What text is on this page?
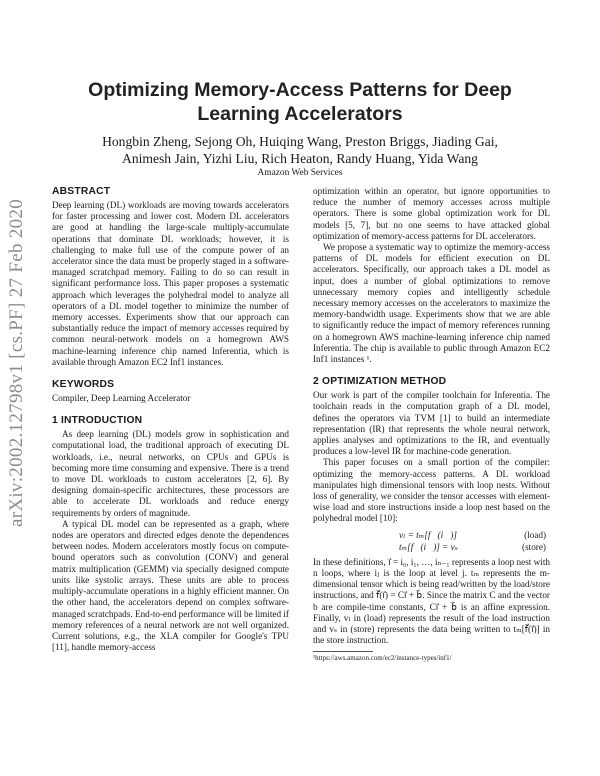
arXiv:2002.12798v1 [cs.PF] 27 Feb 2020
Optimizing Memory-Access Patterns for Deep Learning Accelerators
Hongbin Zheng, Sejong Oh, Huiqing Wang, Preston Briggs, Jiading Gai,
Animesh Jain, Yizhi Liu, Rich Heaton, Randy Huang, Yida Wang
Amazon Web Services
ABSTRACT

Deep learning (DL) workloads are moving towards accelerators for faster processing and lower cost. Modern DL accelerators are good at handling the large-scale multiply-accumulate operations that dominate DL workloads; however, it is challenging to make full use of the compute power of an accelerator since the data must be properly staged in a software-managed scratchpad memory. Failing to do so can result in significant performance loss. This paper proposes a systematic approach which leverages the polyhedral model to analyze all operators of a DL model together to minimize the number of memory accesses. Experiments show that our approach can substantially reduce the impact of memory accesses required by common neural-network models on a homegrown AWS machine-learning inference chip named Inferentia, which is available through Amazon EC2 Inf1 instances.

KEYWORDS

Compiler, Deep Learning Accelerator

1 INTRODUCTION

As deep learning (DL) models grow in sophistication and computational load, the traditional approach of executing DL workloads, i.e., neural networks, on CPUs and GPUs is becoming more time consuming and expensive. There is a trend to move DL workloads to custom accelerators [2, 6]. By designing domain-specific architectures, these processors are able to accelerate DL workloads and reduce energy requirements by orders of magnitude.

A typical DL model can be represented as a graph, where nodes are operators and directed edges denote the dependences between nodes. Modern accelerators mostly focus on compute-bound operators such as convolution (CONV) and general matrix multiplication (GEMM) via specially designed compute units like systolic arrays. These units are able to process multiply-accumulate operations in a highly efficient manner. On the other hand, the accelerators depend on complex software-managed scratchpads. End-to-end performance will be limited if memory references of a neural network are not well organized. Current solutions, e.g., the XLA compiler for Google's TPU [11], handle memory-access

optimization within an operator, but ignore opportunities to reduce the number of memory accesses across multiple operators. There is some global optimization work for DL models [5, 7], but no one seems to have attacked global optimization of memory-access patterns for DL accelerators.

We propose a systematic way to optimize the memory-access patterns of DL models for efficient execution on DL accelerators. Specifically, our approach takes a DL model as input, does a number of global optimizations to remove unnecessary memory copies and intelligently schedule necessary memory accesses on the accelerators to maximize the memory-bandwidth usage. Experiments show that we are able to significantly reduce the impact of memory references running on a homegrown AWS machine-learning inference chip named Inferentia. The chip is available to public through Amazon EC2 Inf1 instances ¹.

2 OPTIMIZATION METHOD

Our work is part of the compiler toolchain for Inferentia. The toolchain reads in the computation graph of a DL model, defines the operators via TVM [1] to build an intermediate representation (IR) that represents the whole neural network, applies analyses and optimizations to the IR, and eventually produces a low-level IR for machine-code generation.

This paper focuses on a small portion of the compiler: optimizing the memory-access patterns. A DL workload manipulates high dimensional tensors with loop nests. Without loss of generality, we consider the tensor accesses with element-wise load and store instructions inside a loop nest based on the polyhedral model [10]:

vₗ = tₘ[f⃗(i⃗)]	(load)
tₘ[f⃗(i⃗)] = vₛ	(store)

In these definitions, i⃗ = i₀, i₁, …, iₙ₋₁ represents a loop nest with n loops, where iⱼ is the loop at level j. tₘ represents the m-dimensional tensor which is being read/written by the load/store instructions, and f⃗(i⃗) = Ci⃗ + b⃗. Since the matrix C and the vector b are compile-time constants, Ci⃗ + b⃗ is an affine expression. Finally, vₗ in (load) represents the result of the load instruction and vₛ in (store) represents the data being written to tₘ[f⃗(i⃗)] in the store instruction.

¹https://aws.amazon.com/ec2/instance-types/inf1/
